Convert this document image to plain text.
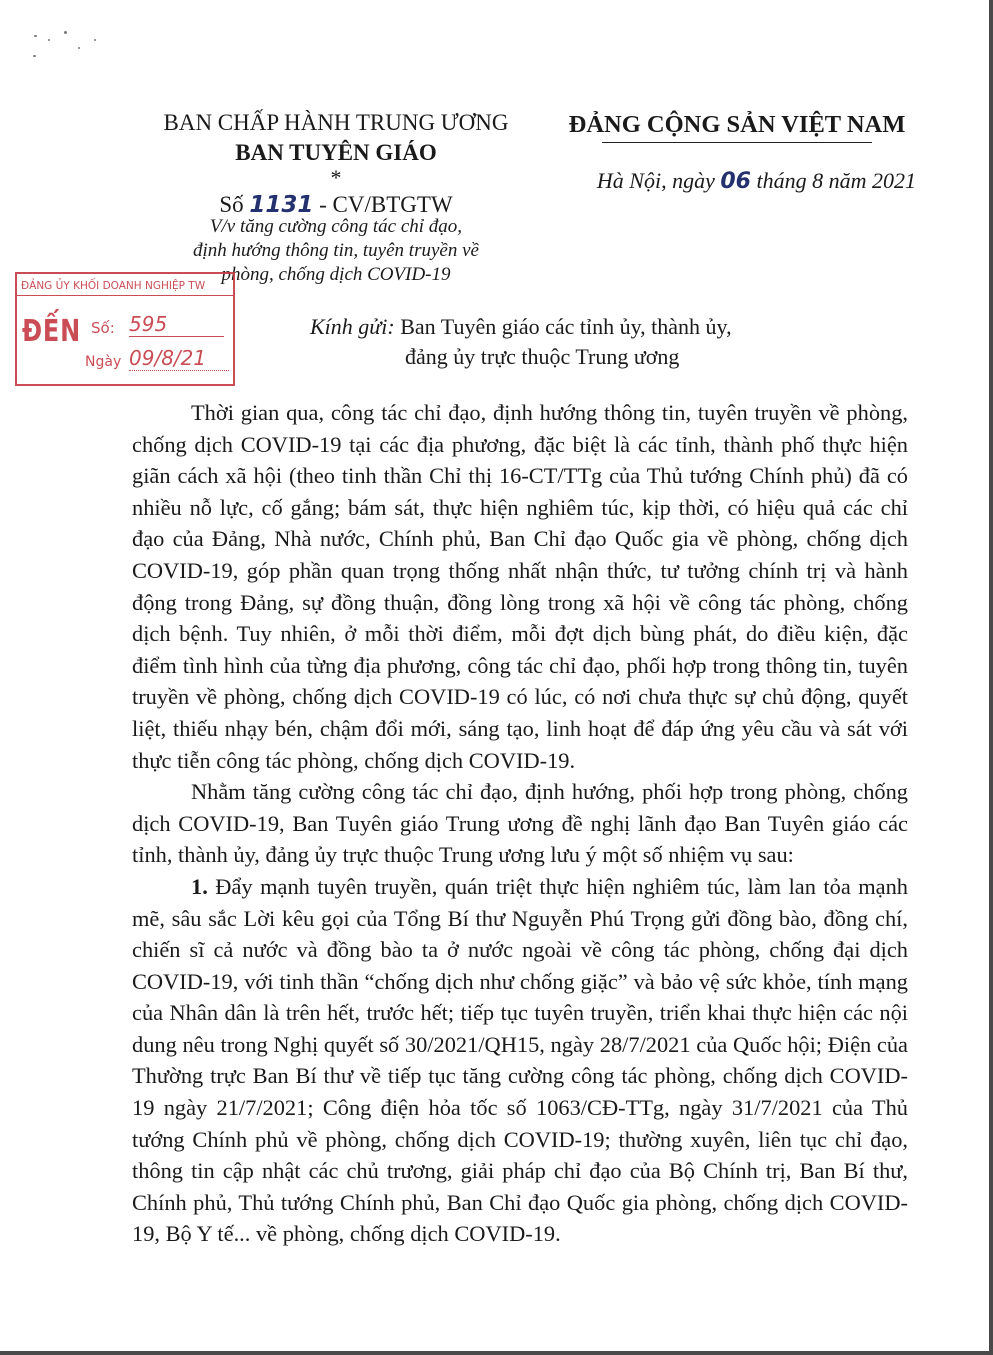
BAN CHẤP HÀNH TRUNG ƯƠNG
BAN TUYÊN GIÁO
*
Số 1131 - CV/BTGTW
V/v tăng cường công tác chỉ đạo,
định hướng thông tin, tuyên truyền về
phòng, chống dịch COVID-19
ĐẢNG CỘNG SẢN VIỆT NAM
Hà Nội, ngày 06 tháng 8 năm 2021
ĐẢNG ỦY KHỐI DOANH NGHIỆP TW
ĐẾN Số: 595
Ngày 09/8/21
Kính gửi: Ban Tuyên giáo các tỉnh ủy, thành ủy,
đảng ủy trực thuộc Trung ương

Thời gian qua, công tác chỉ đạo, định hướng thông tin, tuyên truyền về phòng, chống dịch COVID-19 tại các địa phương, đặc biệt là các tỉnh, thành phố thực hiện giãn cách xã hội (theo tinh thần Chỉ thị 16-CT/TTg của Thủ tướng Chính phủ) đã có nhiều nỗ lực, cố gắng; bám sát, thực hiện nghiêm túc, kịp thời, có hiệu quả các chỉ đạo của Đảng, Nhà nước, Chính phủ, Ban Chỉ đạo Quốc gia về phòng, chống dịch COVID-19, góp phần quan trọng thống nhất nhận thức, tư tưởng chính trị và hành động trong Đảng, sự đồng thuận, đồng lòng trong xã hội về công tác phòng, chống dịch bệnh. Tuy nhiên, ở mỗi thời điểm, mỗi đợt dịch bùng phát, do điều kiện, đặc điểm tình hình của từng địa phương, công tác chỉ đạo, phối hợp trong thông tin, tuyên truyền về phòng, chống dịch COVID-19 có lúc, có nơi chưa thực sự chủ động, quyết liệt, thiếu nhạy bén, chậm đổi mới, sáng tạo, linh hoạt để đáp ứng yêu cầu và sát với thực tiễn công tác phòng, chống dịch COVID-19.

Nhằm tăng cường công tác chỉ đạo, định hướng, phối hợp trong phòng, chống dịch COVID-19, Ban Tuyên giáo Trung ương đề nghị lãnh đạo Ban Tuyên giáo các tỉnh, thành ủy, đảng ủy trực thuộc Trung ương lưu ý một số nhiệm vụ sau:

1. Đẩy mạnh tuyên truyền, quán triệt thực hiện nghiêm túc, làm lan tỏa mạnh mẽ, sâu sắc Lời kêu gọi của Tổng Bí thư Nguyễn Phú Trọng gửi đồng bào, đồng chí, chiến sĩ cả nước và đồng bào ta ở nước ngoài về công tác phòng, chống đại dịch COVID-19, với tinh thần “chống dịch như chống giặc” và bảo vệ sức khỏe, tính mạng của Nhân dân là trên hết, trước hết; tiếp tục tuyên truyền, triển khai thực hiện các nội dung nêu trong Nghị quyết số 30/2021/QH15, ngày 28/7/2021 của Quốc hội; Điện của Thường trực Ban Bí thư về tiếp tục tăng cường công tác phòng, chống dịch COVID-19 ngày 21/7/2021; Công điện hỏa tốc số 1063/CĐ-TTg, ngày 31/7/2021 của Thủ tướng Chính phủ về phòng, chống dịch COVID-19; thường xuyên, liên tục chỉ đạo, thông tin cập nhật các chủ trương, giải pháp chỉ đạo của Bộ Chính trị, Ban Bí thư, Chính phủ, Thủ tướng Chính phủ, Ban Chỉ đạo Quốc gia phòng, chống dịch COVID-19, Bộ Y tế... về phòng, chống dịch COVID-19.
